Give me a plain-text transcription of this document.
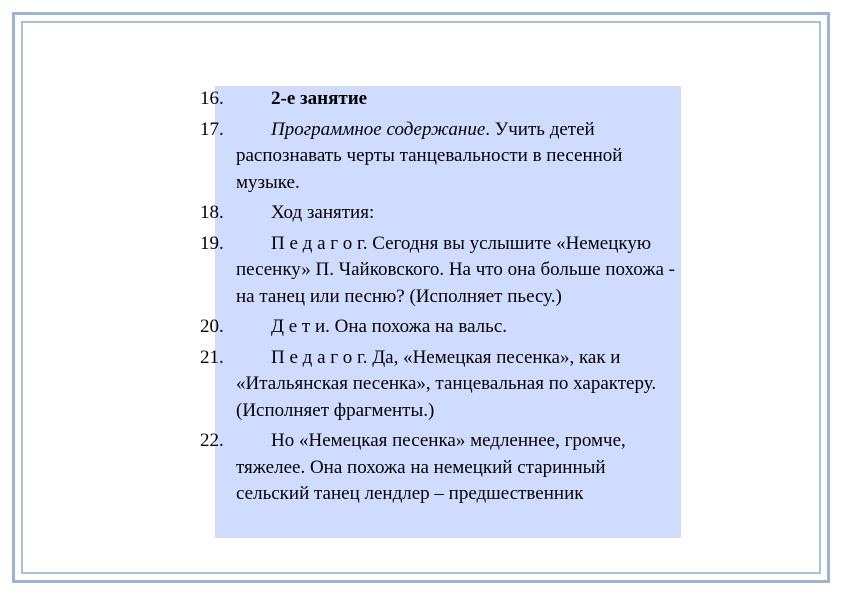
16. 2-е занятие
17. Программное содержание. Учить детей распознавать черты танцевальности в песенной музыке.
18. Ход занятия:
19. П е д а г о г. Сегодня вы услышите «Немецкую песенку» П. Чайковского. На что она больше похожа - на танец или песню? (Исполняет пьесу.)
20. Д е т и. Она похожа на вальс.
21. П е д а г о г. Да, «Немецкая песенка», как и «Итальянская песенка», танцевальная по характеру. (Исполняет фрагменты.)
22. Но «Немецкая песенка» медленнее, громче, тяжелее. Она похожа на немецкий старинный сельский танец лендлер – предшественник
